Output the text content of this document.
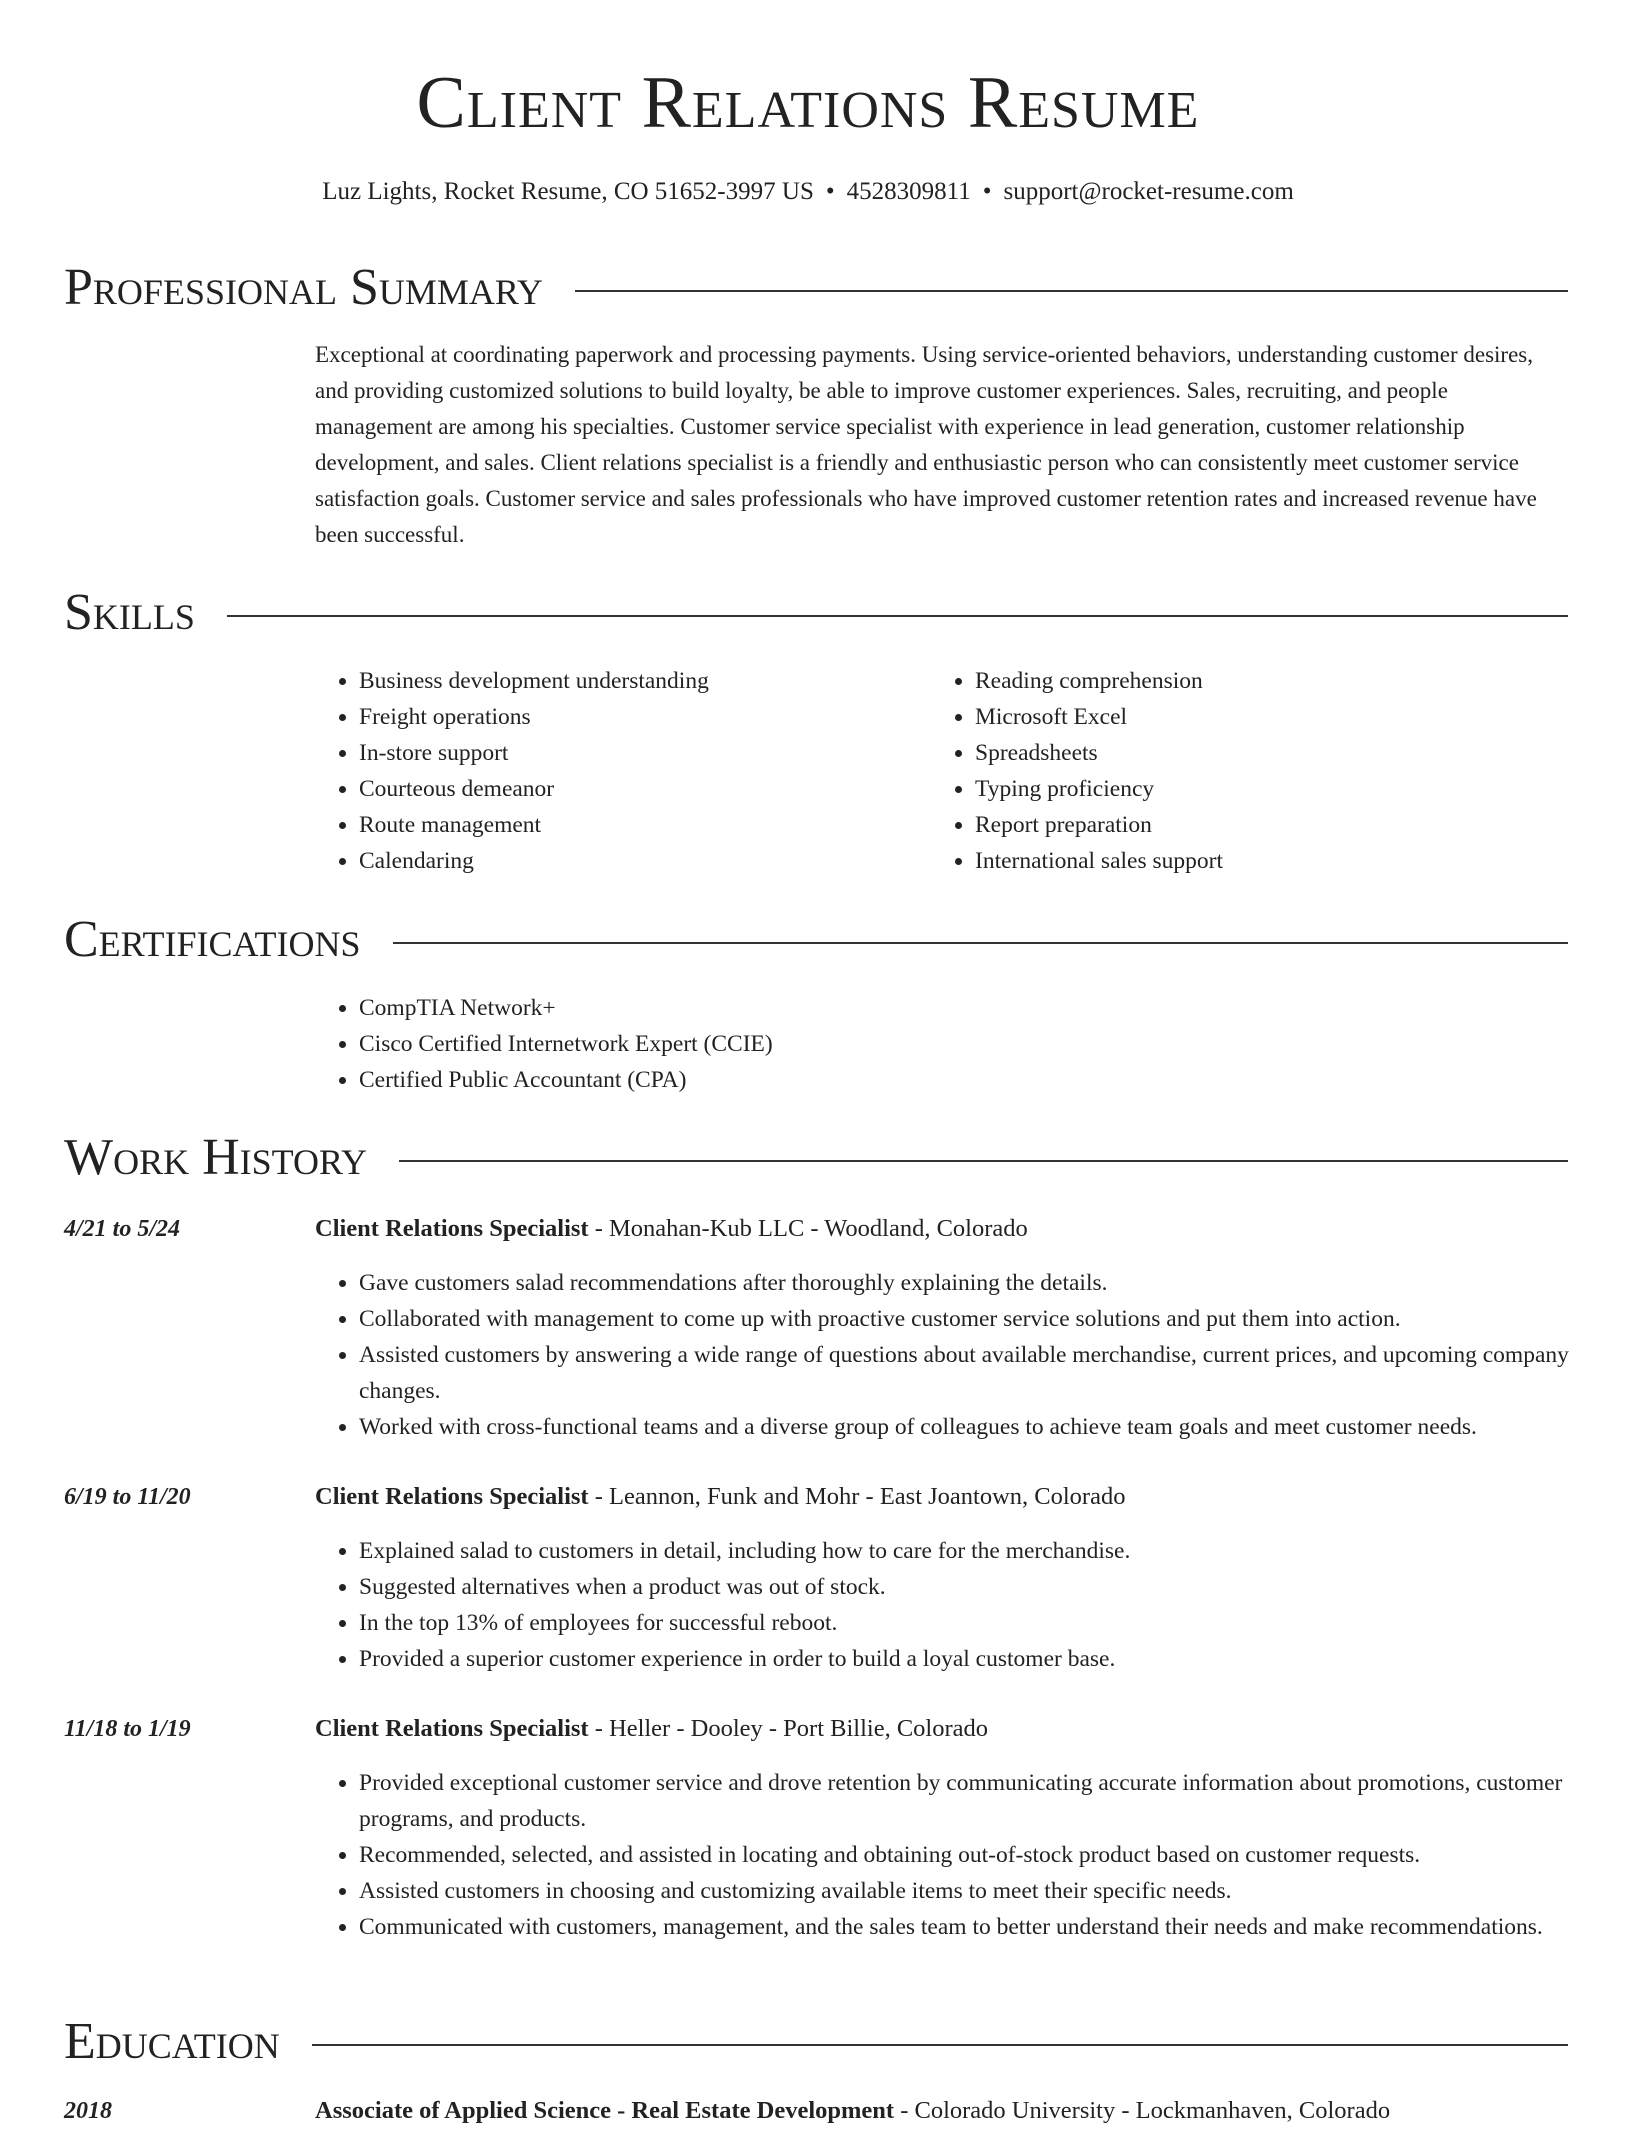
Client Relations Resume
Luz Lights, Rocket Resume, CO 51652-3997 US • 4528309811 • support@rocket-resume.com
Professional Summary
Exceptional at coordinating paperwork and processing payments. Using service-oriented behaviors, understanding customer desires, and providing customized solutions to build loyalty, be able to improve customer experiences. Sales, recruiting, and people management are among his specialties. Customer service specialist with experience in lead generation, customer relationship development, and sales. Client relations specialist is a friendly and enthusiastic person who can consistently meet customer service satisfaction goals. Customer service and sales professionals who have improved customer retention rates and increased revenue have been successful.
Skills
• Business development understanding
• Freight operations
• In-store support
• Courteous demeanor
• Route management
• Calendaring
• Reading comprehension
• Microsoft Excel
• Spreadsheets
• Typing proficiency
• Report preparation
• International sales support
Certifications
• CompTIA Network+
• Cisco Certified Internetwork Expert (CCIE)
• Certified Public Accountant (CPA)
Work History
4/21 to 5/24	Client Relations Specialist - Monahan-Kub LLC - Woodland, Colorado
• Gave customers salad recommendations after thoroughly explaining the details.
• Collaborated with management to come up with proactive customer service solutions and put them into action.
• Assisted customers by answering a wide range of questions about available merchandise, current prices, and upcoming company changes.
• Worked with cross-functional teams and a diverse group of colleagues to achieve team goals and meet customer needs.
6/19 to 11/20	Client Relations Specialist - Leannon, Funk and Mohr - East Joantown, Colorado
• Explained salad to customers in detail, including how to care for the merchandise.
• Suggested alternatives when a product was out of stock.
• In the top 13% of employees for successful reboot.
• Provided a superior customer experience in order to build a loyal customer base.
11/18 to 1/19	Client Relations Specialist - Heller - Dooley - Port Billie, Colorado
• Provided exceptional customer service and drove retention by communicating accurate information about promotions, customer programs, and products.
• Recommended, selected, and assisted in locating and obtaining out-of-stock product based on customer requests.
• Assisted customers in choosing and customizing available items to meet their specific needs.
• Communicated with customers, management, and the sales team to better understand their needs and make recommendations.
Education
2018	Associate of Applied Science - Real Estate Development - Colorado University - Lockmanhaven, Colorado
